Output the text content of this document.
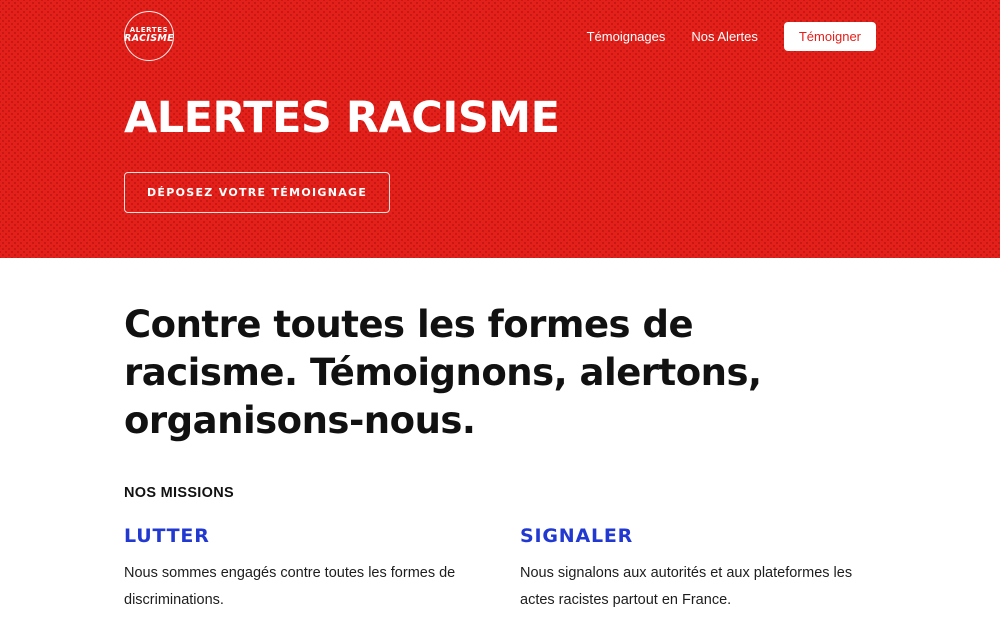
ALERTES
RACISME	Témoignages Nos Alertes	Témoigner
ALERTES RACISME
DÉPOSEZ VOTRE TÉMOIGNAGE
Contre toutes les formes de
racisme. Témoignons, alertons,
organisons-nous.
NOS MISSIONS
LUTTER

Nous sommes engagés contre toutes les formes de discriminations.

SIGNALER

Nous signalons aux autorités et aux plateformes les actes racistes partout en France.
